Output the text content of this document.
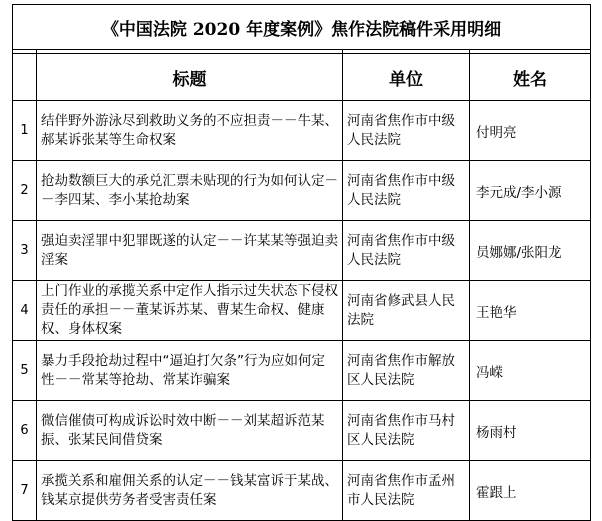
《中国法院 2020 年度案例》焦作法院稿件采用明细			

	标题	单位	姓名
1	结伴野外游泳尽到救助义务的不应担责－－牛某、郝某诉张某等生命权案	河南省焦作市中级人民法院	付明亮
2	抢劫数额巨大的承兑汇票未贴现的行为如何认定－－李四某、李小某抢劫案	河南省焦作市中级人民法院	李元成/李小源
3	强迫卖淫罪中犯罪既遂的认定－－许某某等强迫卖淫案	河南省焦作市中级人民法院	员娜娜/张阳龙
4	上门作业的承揽关系中定作人指示过失状态下侵权责任的承担－－董某诉苏某、曹某生命权、健康权、身体权案	河南省修武县人民法院	王艳华
5	暴力手段抢劫过程中“逼迫打欠条”行为应如何定性－－常某等抢劫、常某诈骗案	河南省焦作市解放区人民法院	冯嵘
6	微信催债可构成诉讼时效中断－－刘某超诉范某振、张某民间借贷案	河南省焦作市马村区人民法院	杨雨村
7	承揽关系和雇佣关系的认定－－钱某富诉于某战、钱某京提供劳务者受害责任案	河南省焦作市孟州市人民法院	霍跟上
